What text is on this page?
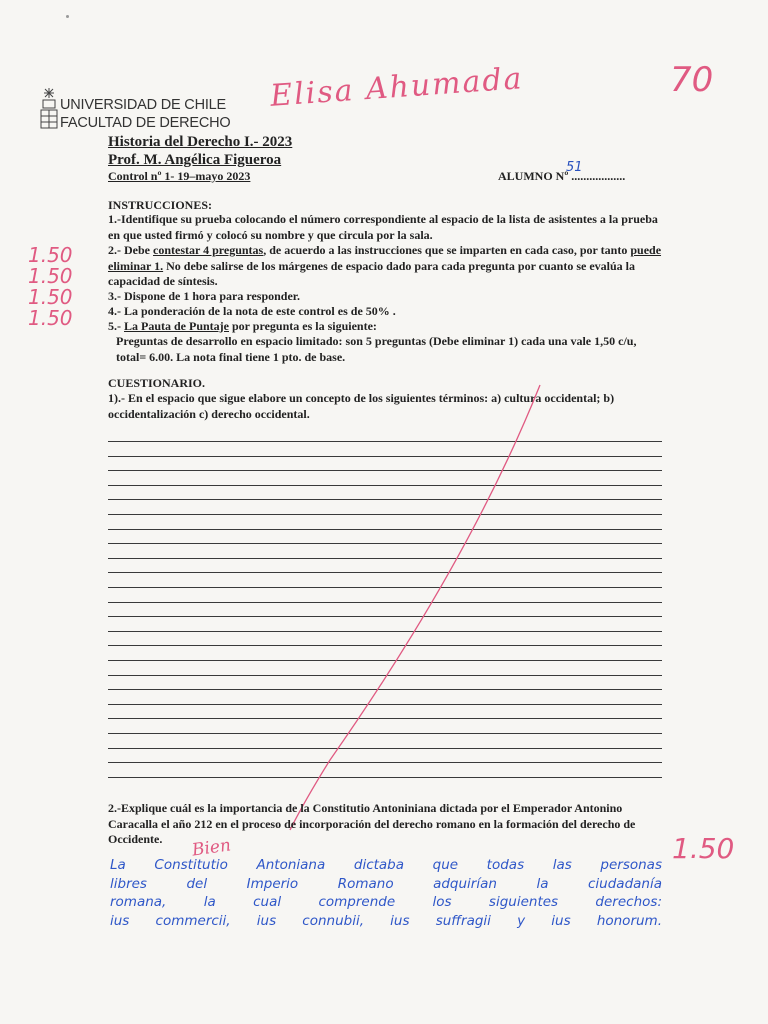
UNIVERSIDAD DE CHILE
FACULTAD DE DERECHO
Elisa Ahumada	70
Historia del Derecho I.- 2023
Prof. M. Angélica Figueroa
Control nº 1- 19–mayo 2023	ALUMNO Nº ..................
51
INSTRUCCIONES:
1.-Identifique su prueba colocando el número correspondiente al espacio de la lista de asistentes a la prueba en que usted firmó y colocó su nombre y que circula por la sala.
2.- Debe contestar 4 preguntas, de acuerdo a las instrucciones que se imparten en cada caso, por tanto puede eliminar 1. No debe salirse de los márgenes de espacio dado para cada pregunta por cuanto se evalúa la capacidad de síntesis.
3.- Dispone de 1 hora para responder.
4.- La ponderación de la nota de este control es de 50% .
5.- La Pauta de Puntaje por pregunta es la siguiente:
Preguntas de desarrollo en espacio limitado: son 5 preguntas (Debe eliminar 1) cada una vale 1,50 c/u, total= 6.00. La nota final tiene 1 pto. de base.
1.50
1.50
1.50
1.50
CUESTIONARIO.
1).- En el espacio que sigue elabore un concepto de los siguientes términos: a) cultura occidental; b) occidentalización c) derecho occidental.
2.-Explique cuál es la importancia de la Constitutio Antoniniana dictada por el Emperador Antonino Caracalla el año 212 en el proceso de incorporación del derecho romano en la formación del derecho de Occidente.	1.50
Bien
La Constitutio Antoniana dictaba que todas las personas
libres del Imperio Romano adquirían la ciudadanía
romana, la cual comprende los siguientes derechos:
ius commercii, ius connubii, ius suffragii y ius honorum.
